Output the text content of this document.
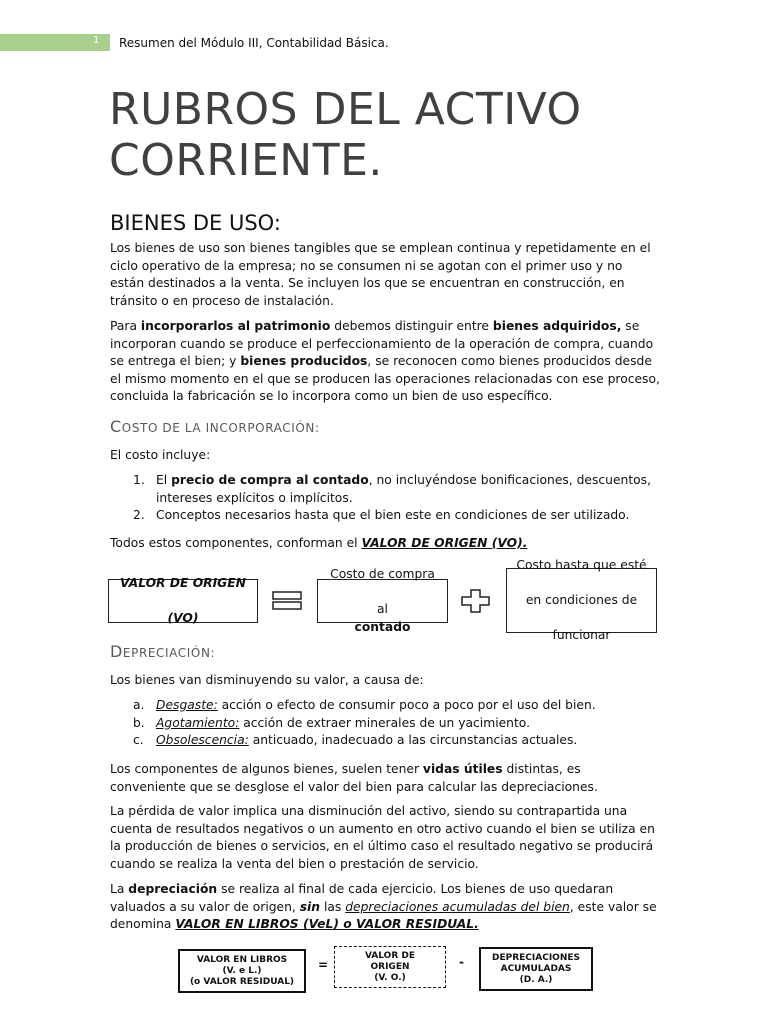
1 Resumen del Módulo III, Contabilidad Básica.
RUBROS DEL ACTIVO
CORRIENTE.
BIENES DE USO:

Los bienes de uso son bienes tangibles que se emplean continua y repetidamente en el ciclo operativo de la empresa; no se consumen ni se agotan con el primer uso y no están destinados a la venta. Se incluyen los que se encuentran en construcción, en tránsito o en proceso de instalación.

Para incorporarlos al patrimonio debemos distinguir entre bienes adquiridos, se incorporan cuando se produce el perfeccionamiento de la operación de compra, cuando se entrega el bien; y bienes producidos, se reconocen como bienes producidos desde el mismo momento en el que se producen las operaciones relacionadas con ese proceso, concluida la fabricación se lo incorpora como un bien de uso específico.

COSTO DE LA INCORPORACIÓN:

El costo incluye:

1. El precio de compra al contado, no incluyéndose bonificaciones, descuentos, intereses explícitos o implícitos.
2. Conceptos necesarios hasta que el bien este en condiciones de ser utilizado.

Todos estos componentes, conforman el VALOR DE ORIGEN (VO).

VALOR DE ORIGEN

(VO)
Costo de compra

al
contado
Costo hasta que esté

en condiciones de

funcionar
DEPRECIACIÓN:

Los bienes van disminuyendo su valor, a causa de:

a. Desgaste: acción o efecto de consumir poco a poco por el uso del bien.
b. Agotamiento: acción de extraer minerales de un yacimiento.
c.	Obsolescencia: anticuado, inadecuado a las circunstancias actuales.

Los componentes de algunos bienes, suelen tener vidas útiles distintas, es conveniente que se desglose el valor del bien para calcular las depreciaciones.

La pérdida de valor implica una disminución del activo, siendo su contrapartida una cuenta de resultados negativos o un aumento en otro activo cuando el bien se utiliza en la producción de bienes o servicios, en el último caso el resultado negativo se producirá cuando se realiza la venta del bien o prestación de servicio.

La depreciación se realiza al final de cada ejercicio. Los bienes de uso quedaran valuados a su valor de origen, sin las depreciaciones acumuladas del bien, este valor se denomina VALOR EN LIBROS (VeL) o VALOR RESIDUAL.

VALOR EN LIBROS
(V. e L.)
(o VALOR RESIDUAL)
=
VALOR DE
ORIGEN
(V. O.)
-	DEPRECIACIONES
ACUMULADAS
(D. A.)
